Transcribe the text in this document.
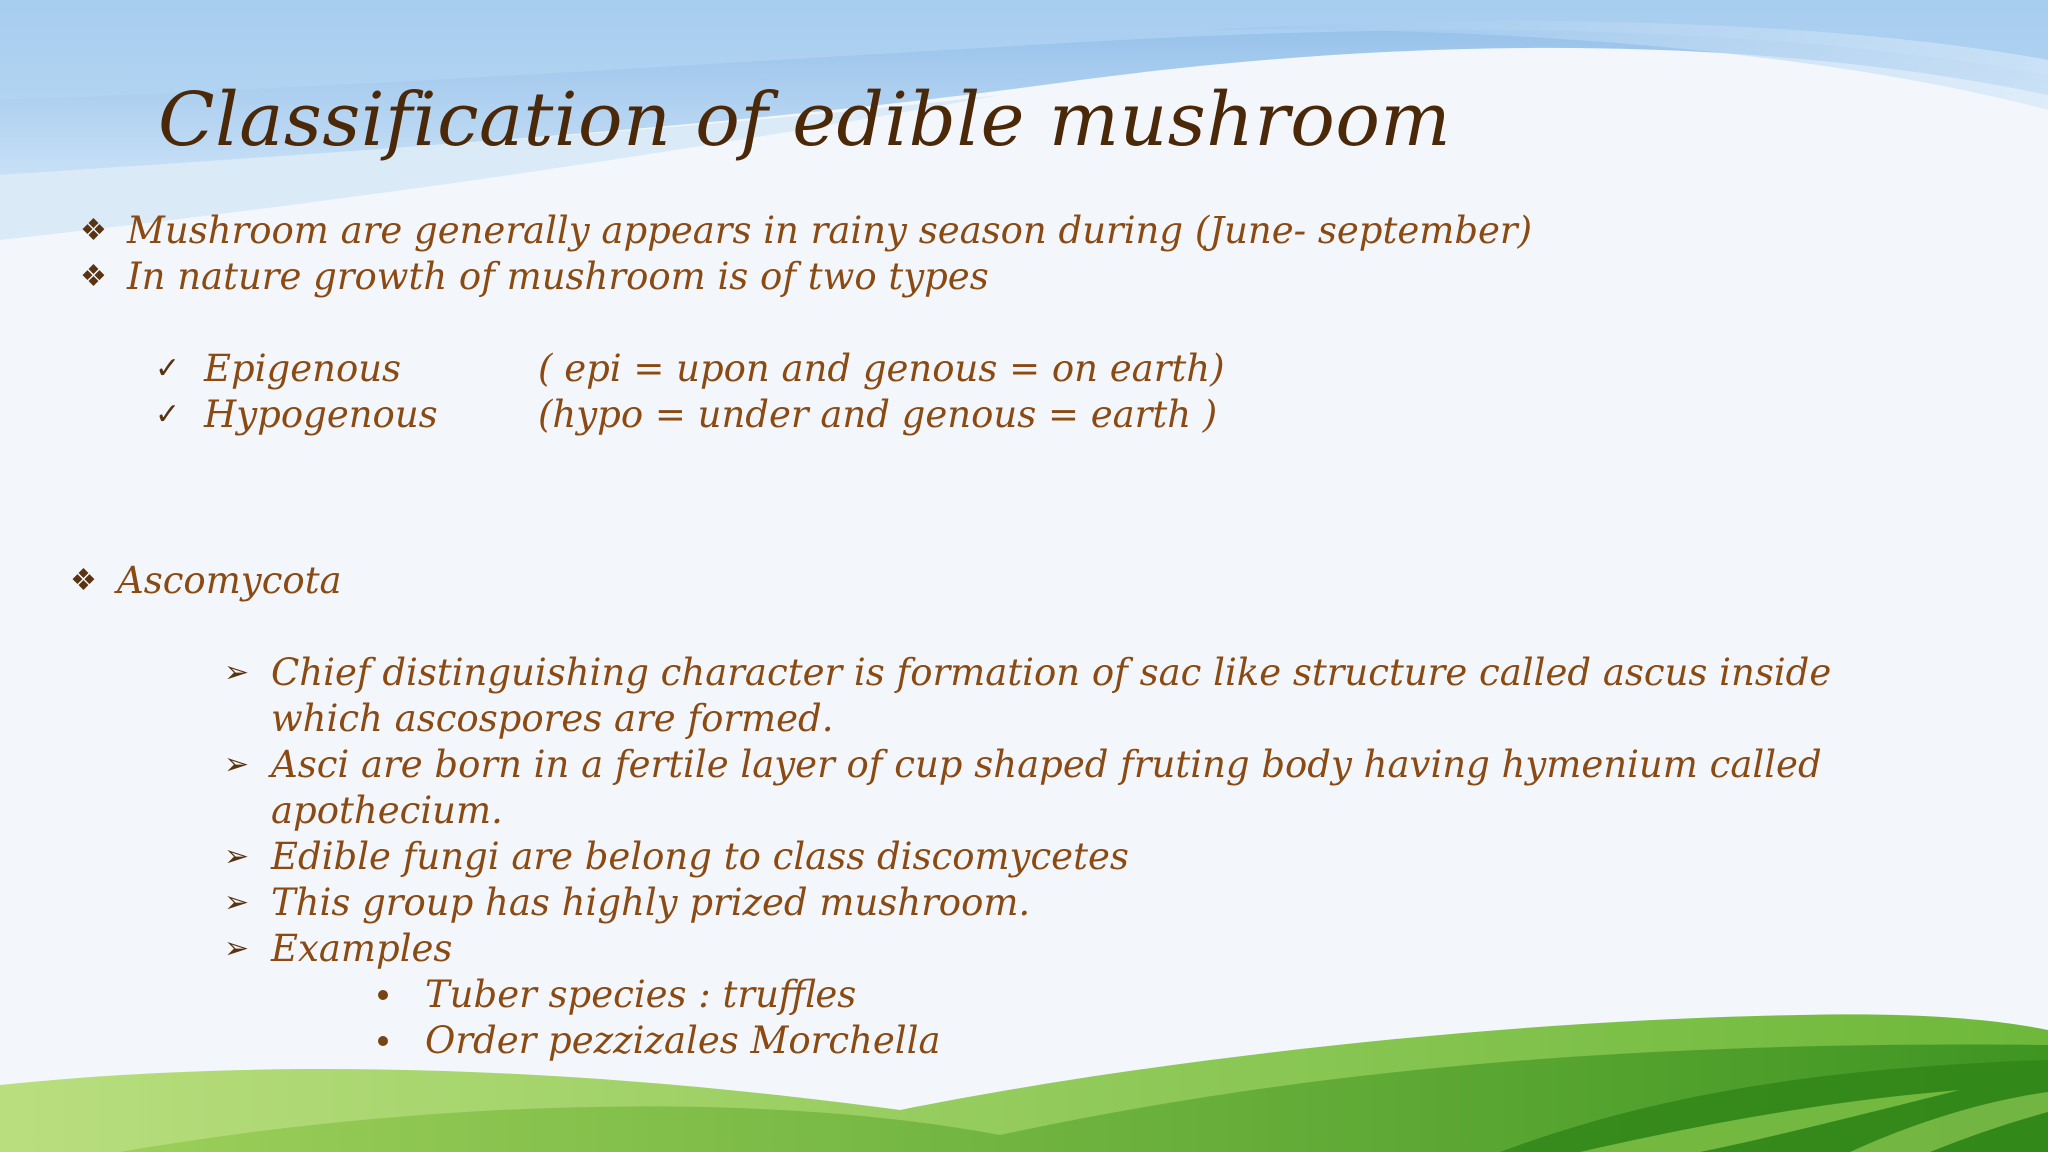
Classification of edible mushroom
❖ Mushroom are generally appears in rainy season during (June- september)
❖ In nature growth of mushroom is of two types
✓ Epigenous	( epi = upon and genous = on earth)
✓ Hypogenous	(hypo = under and genous = earth )
❖ Ascomycota
➢ Chief distinguishing character is formation of sac like structure called ascus inside
which ascospores are formed.
➢ Asci are born in a fertile layer of cup shaped fruting body having hymenium called
apothecium.
➢ Edible fungi are belong to class discomycetes
➢ This group has highly prized mushroom.
➢ Examples
Tuber species : truffles
Order pezzizales Morchella
